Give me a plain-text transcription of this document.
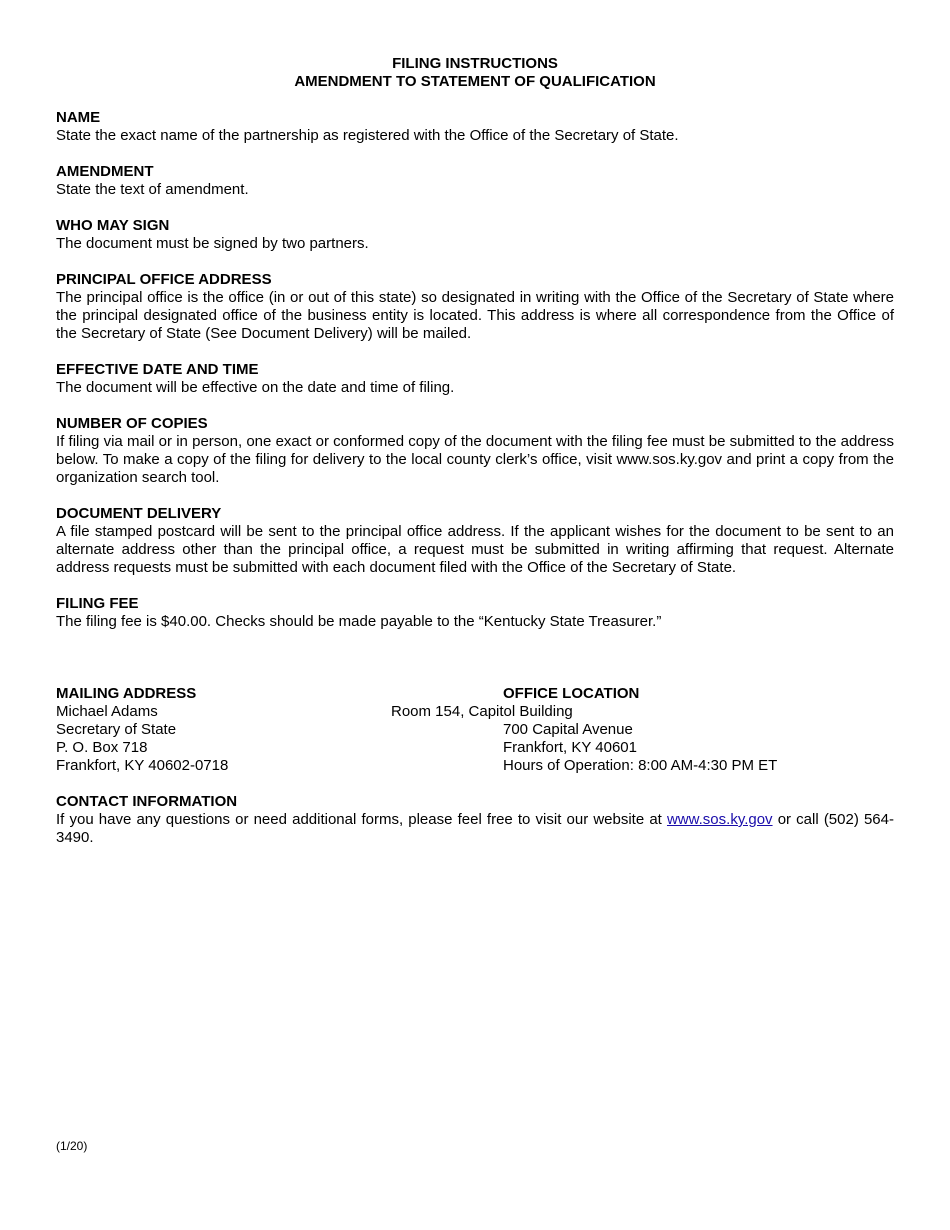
FILING INSTRUCTIONS
AMENDMENT TO STATEMENT OF QUALIFICATION
NAME
State the exact name of the partnership as registered with the Office of the Secretary of State.
AMENDMENT
State the text of amendment.
WHO MAY SIGN
The document must be signed by two partners.
PRINCIPAL OFFICE ADDRESS
The principal office is the office (in or out of this state) so designated in writing with the Office of the Secretary of State where the principal designated office of the business entity is located. This address is where all correspondence from the Office of the Secretary of State (See Document Delivery) will be mailed.
EFFECTIVE DATE AND TIME
The document will be effective on the date and time of filing.
NUMBER OF COPIES
If filing via mail or in person, one exact or conformed copy of the document with the filing fee must be submitted to the address below. To make a copy of the filing for delivery to the local county clerk’s office, visit www.sos.ky.gov and print a copy from the organization search tool.
DOCUMENT DELIVERY
A file stamped postcard will be sent to the principal office address. If the applicant wishes for the document to be sent to an alternate address other than the principal office, a request must be submitted in writing affirming that request. Alternate address requests must be submitted with each document filed with the Office of the Secretary of State.
FILING FEE
The filing fee is $40.00. Checks should be made payable to the “Kentucky State Treasurer.”
OFFICE LOCATION
Room 154, Capitol Building
700 Capital Avenue
Frankfort, KY 40601
Hours of Operation: 8:00 AM-4:30 PM ET
MAILING ADDRESS
Michael Adams
Secretary of State
P. O. Box 718
Frankfort, KY 40602-0718
CONTACT INFORMATION
If you have any questions or need additional forms, please feel free to visit our website at www.sos.ky.gov or call (502) 564-3490.
(1/20)
